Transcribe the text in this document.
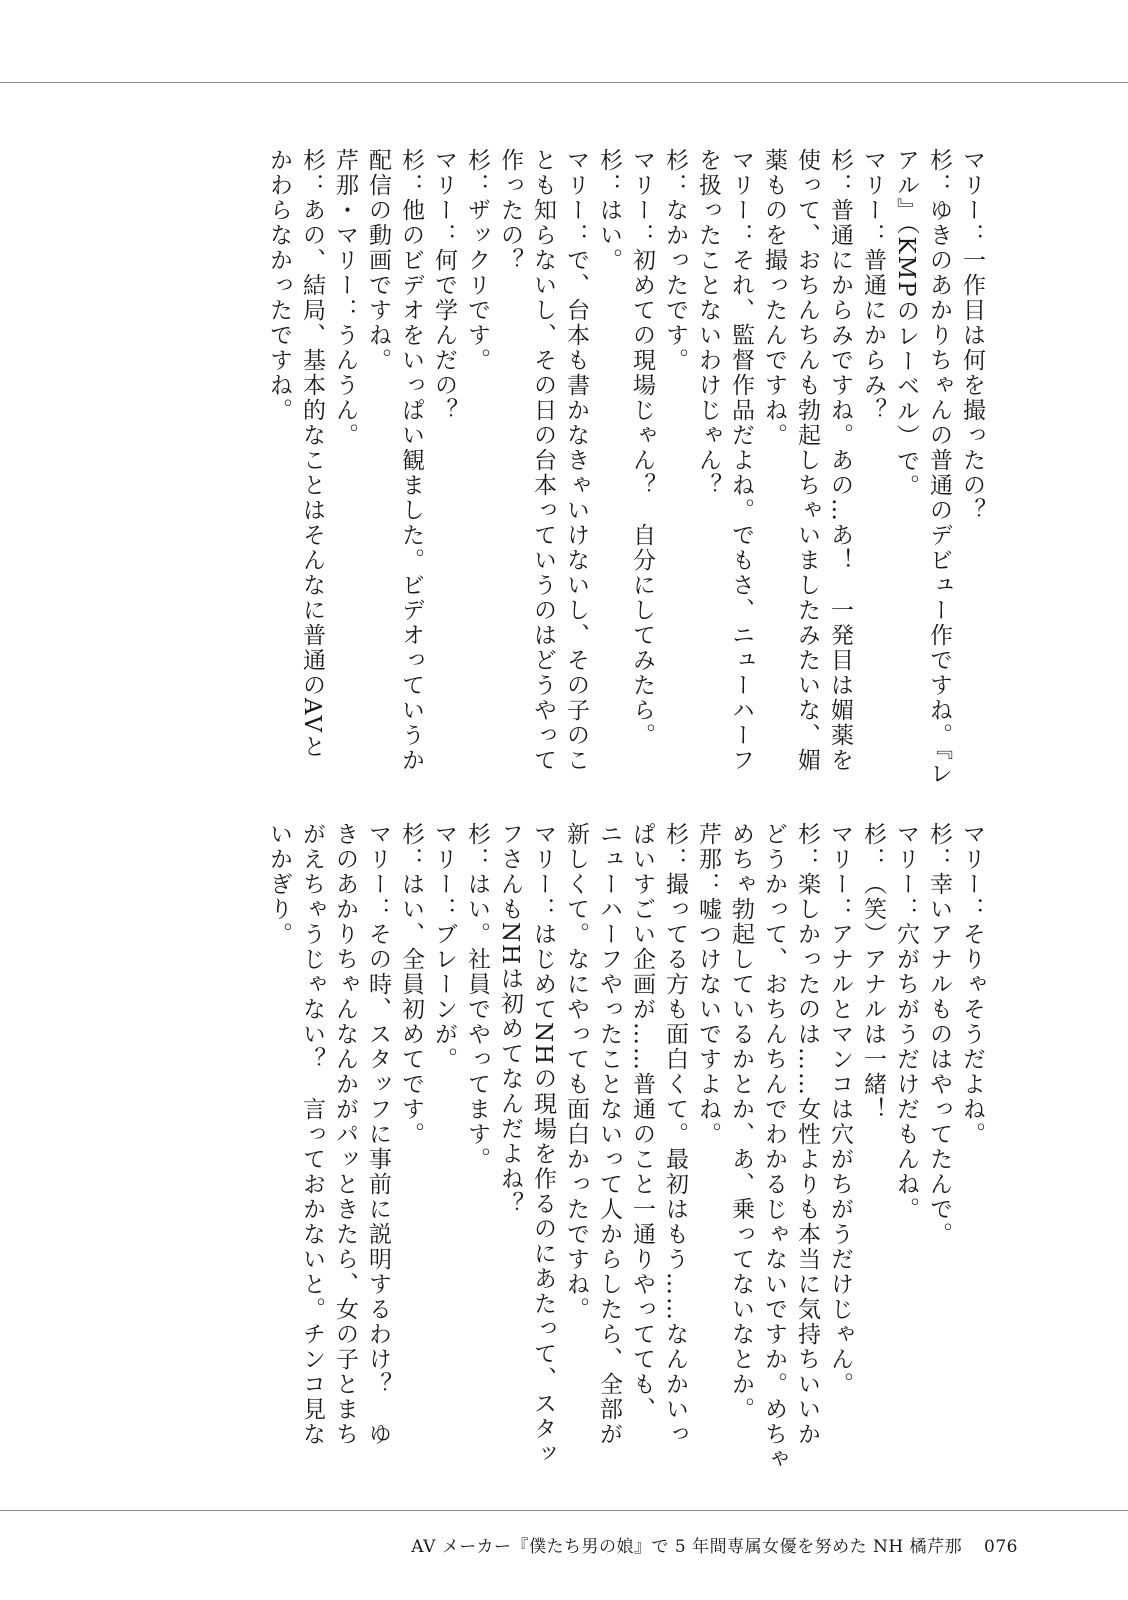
マリー：一作目は何を撮ったの？
杉：ゆきのあかりちゃんの普通のデビュー作ですね。『レ
アル』（KMPのレーベル）で。
マリー：普通にからみ？
杉：普通にからみですね。あの…あ！　一発目は媚薬を
使って、おちんちんも勃起しちゃいましたみたいな、媚
薬ものを撮ったんですね。
マリー：それ、監督作品だよね。でもさ、ニューハーフ
を扱ったことないわけじゃん？
杉：なかったです。
マリー：初めての現場じゃん？　自分にしてみたら。
杉：はい。
マリー：で、台本も書かなきゃいけないし、その子のこ
とも知らないし、その日の台本っていうのはどうやって
作ったの？
杉：ザックリです。
マリー：何で学んだの？
杉：他のビデオをいっぱい観ました。ビデオっていうか
配信の動画ですね。
芹那・マリー：うんうん。
杉：あの、結局、基本的なことはそんなに普通のAVと
かわらなかったですね。
マリー：そりゃそうだよね。
杉：幸いアナルものはやってたんで。
マリー：穴がちがうだけだもんね。
杉：（笑）アナルは一緒！
マリー：アナルとマンコは穴がちがうだけじゃん。
杉：楽しかったのは……女性よりも本当に気持ちいいか
どうかって、おちんちんでわかるじゃないですか。めちゃ
めちゃ勃起しているかとか、あ、乗ってないなとか。
芹那：嘘つけないですよね。
杉：撮ってる方も面白くて。最初はもう……なんかいっ
ぱいすごい企画が……普通のこと一通りやってても、
ニューハーフやったことないって人からしたら、全部が
新しくて。なにやっても面白かったですね。
マリー：はじめてNHの現場を作るのにあたって、スタッ
フさんもNHは初めてなんだよね？
杉：はい。社員でやってます。
マリー：ブレーンが。
杉：はい、全員初めてです。
マリー：その時、スタッフに事前に説明するわけ？　ゆ
きのあかりちゃんなんかがパッときたら、女の子とまち
がえちゃうじゃない？　言っておかないと。チンコ見な
いかぎり。
AV メーカー『僕たち男の娘』で 5 年間専属女優を努めた NH 橘芹那 076
